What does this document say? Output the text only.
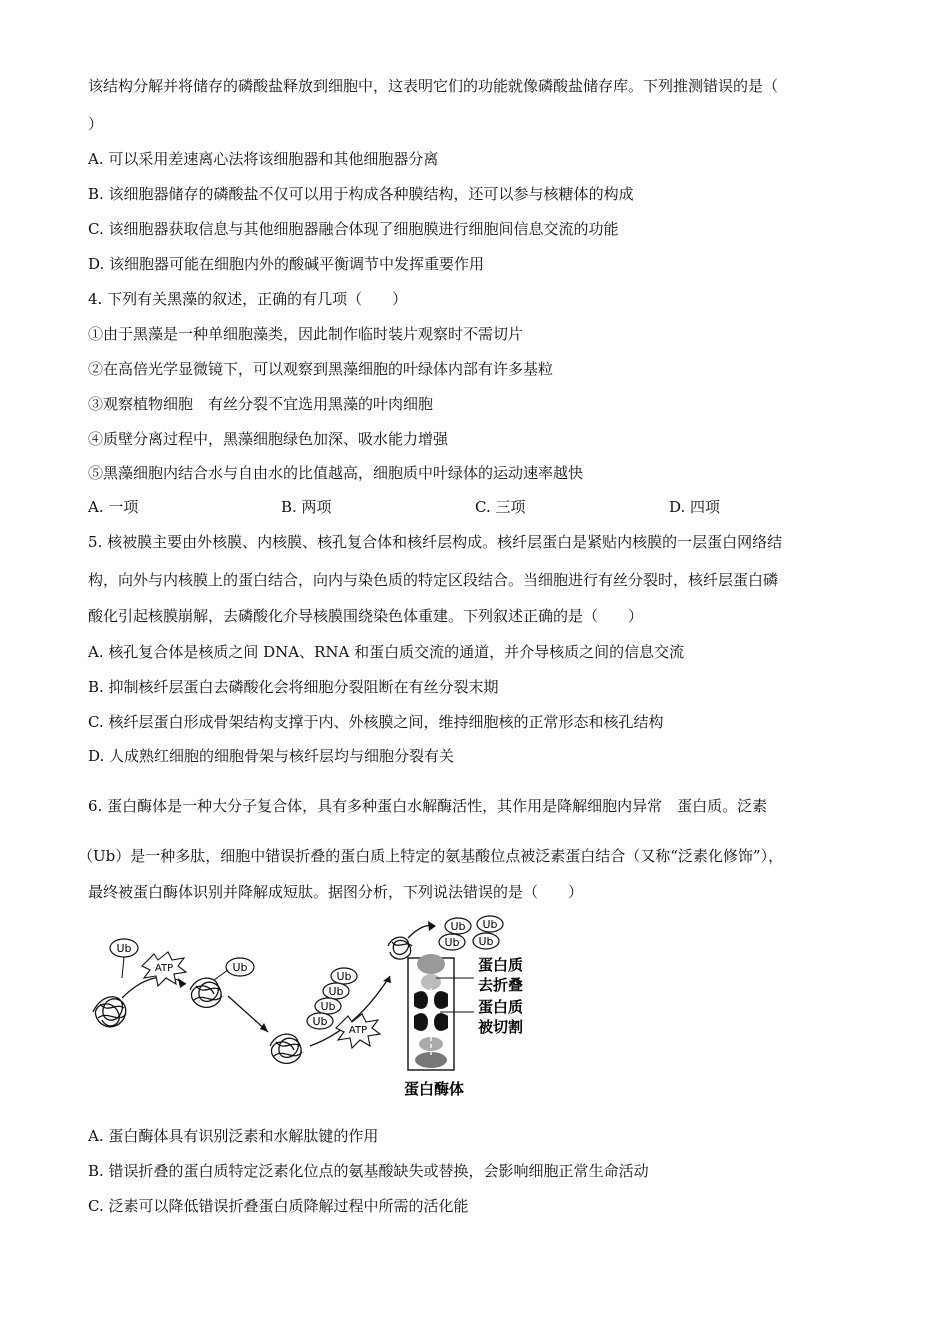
该结构分解并将储存的磷酸盐释放到细胞中，这表明它们的功能就像磷酸盐储存库。下列推测错误的是（
）
A. 可以采用差速离心法将该细胞器和其他细胞器分离
B. 该细胞器储存的磷酸盐不仅可以用于构成各种膜结构，还可以参与核糖体的构成
C. 该细胞器获取信息与其他细胞器融合体现了细胞膜进行细胞间信息交流的功能
D. 该细胞器可能在细胞内外的酸碱平衡调节中发挥重要作用
4. 下列有关黑藻的叙述，正确的有几项（　　）
①由于黑藻是一种单细胞藻类，因此制作临时装片观察时不需切片
②在高倍光学显微镜下，可以观察到黑藻细胞的叶绿体内部有许多基粒
③观察植物细胞　有丝分裂不宜选用黑藻的叶肉细胞
④质壁分离过程中，黑藻细胞绿色加深、吸水能力增强
⑤黑藻细胞内结合水与自由水的比值越高，细胞质中叶绿体的运动速率越快
A. 一项	B. 两项	C. 三项	D. 四项
5. 核被膜主要由外核膜、内核膜、核孔复合体和核纤层构成。核纤层蛋白是紧贴内核膜的一层蛋白网络结
构，向外与内核膜上的蛋白结合，向内与染色质的特定区段结合。当细胞进行有丝分裂时，核纤层蛋白磷
酸化引起核膜崩解，去磷酸化介导核膜围绕染色体重建。下列叙述正确的是（　　）
A. 核孔复合体是核质之间 DNA、RNA 和蛋白质交流的通道，并介导核质之间的信息交流
B. 抑制核纤层蛋白去磷酸化会将细胞分裂阻断在有丝分裂末期
C. 核纤层蛋白形成骨架结构支撑于内、外核膜之间，维持细胞核的正常形态和核孔结构
D. 人成熟红细胞的细胞骨架与核纤层均与细胞分裂有关
6. 蛋白酶体是一种大分子复合体，具有多种蛋白水解酶活性，其作用是降解细胞内异常　蛋白质。泛素
（Ub）是一种多肽，细胞中错误折叠的蛋白质上特定的氨基酸位点被泛素蛋白结合（又称“泛素化修饰”），
最终被蛋白酶体识别并降解成短肽。据图分析，下列说法错误的是（　　）
Ub
Ub
Ub
Ub
Ub
Ub
Ub Ub
Ub Ub
ATP
ATP
蛋白质
去折叠
蛋白质
被切割
蛋白酶体
A. 蛋白酶体具有识别泛素和水解肽键的作用
B. 错误折叠的蛋白质特定泛素化位点的氨基酸缺失或替换，会影响细胞正常生命活动
C. 泛素可以降低错误折叠蛋白质降解过程中所需的活化能
